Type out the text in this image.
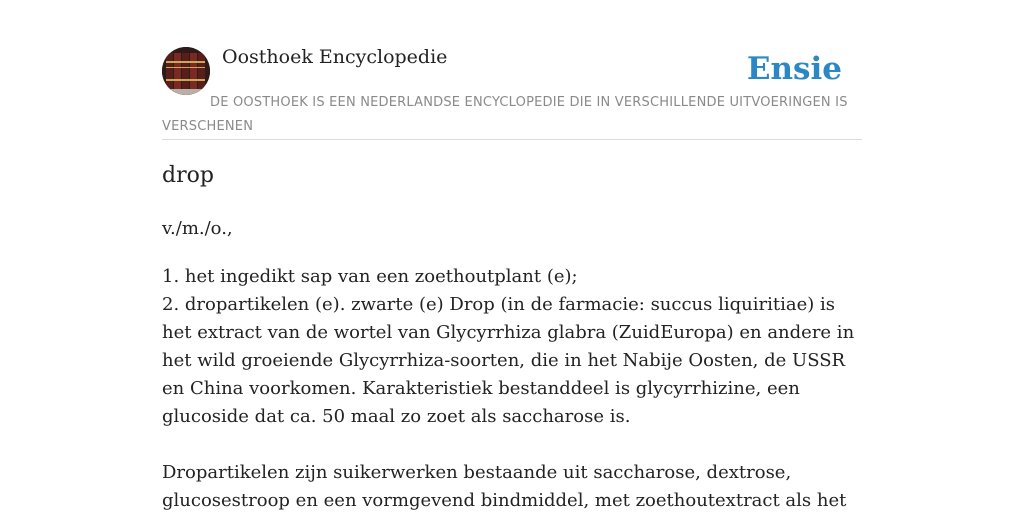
Oosthoek Encyclopedie	Ensie
DE OOSTHOEK IS EEN NEDERLANDSE ENCYCLOPEDIE DIE IN VERSCHILLENDE UITVOERINGEN IS VERSCHENEN
drop
v./m./o.,

1. het ingedikt sap van een zoethoutplant (e);
2. dropartikelen (e). zwarte (e) Drop (in de farmacie: succus liquiritiae) is het extract van de wortel van Glycyrrhiza glabra (ZuidEuropa) en andere in het wild groeiende Glycyrrhiza-soorten, die in het Nabije Oosten, de USSR en China voorkomen. Karakteristiek bestanddeel is glycyrrhizine, een glucoside dat ca. 50 maal zo zoet als saccharose is.

Dropartikelen zijn suikerwerken bestaande uit saccharose, dextrose, glucosestroop en een vormgevend bindmiddel, met zoethoutextract als het
